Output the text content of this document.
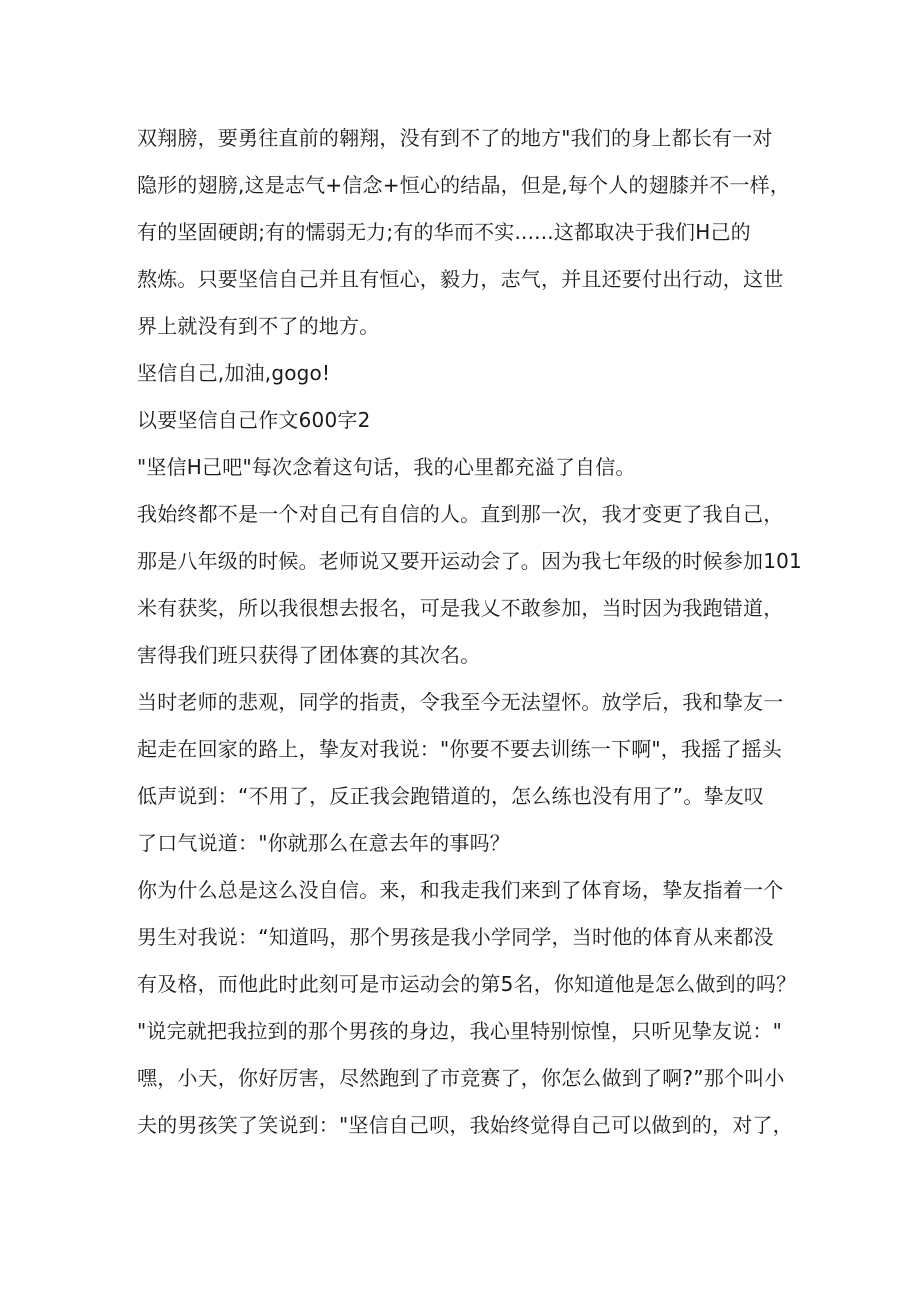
双翔膀，要勇往直前的翱翔，没有到不了的地方"我们的身上都长有一对
隐形的翅膀,这是志气+信念+恒心的结晶，但是,每个人的翅膝并不一样，
有的坚固硬朗;有的懦弱无力;有的华而不实......这都取决于我们H己的
熬炼。只要坚信自己并且有恒心，毅力，志气，并且还要付出行动，这世
界上就没有到不了的地方。
坚信自己,加油,gogo!
以要坚信自己作文600字2
"坚信H己吧"每次念着这句话，我的心里都充溢了自信。
我始终都不是一个对自己有自信的人。直到那一次，我才变更了我自己，
那是八年级的时候。老师说又要开运动会了。因为我七年级的时候参加101
米有获奖，所以我很想去报名，可是我乂不敢参加，当时因为我跑错道，
害得我们班只获得了团体赛的其次名。
当时老师的悲观，同学的指责，令我至今无法望怀。放学后，我和挚友一
起走在回家的路上，挚友对我说："你要不要去训练一下啊"，我摇了摇头
低声说到：“不用了，反正我会跑错道的，怎么练也没有用了”。挚友叹
了口气说道："你就那么在意去年的事吗？
你为什么总是这么没自信。来，和我走我们来到了体育场，挚友指着一个
男生对我说：“知道吗，那个男孩是我小学同学，当时他的体育从来都没
有及格，而他此时此刻可是市运动会的第5名，你知道他是怎么做到的吗？
"说完就把我拉到的那个男孩的身边，我心里特别惊惶，只听见挚友说："
嘿，小天，你好厉害，尽然跑到了市竞赛了，你怎么做到了啊?”那个叫小
夫的男孩笑了笑说到："坚信自己呗，我始终觉得自己可以做到的，对了，
